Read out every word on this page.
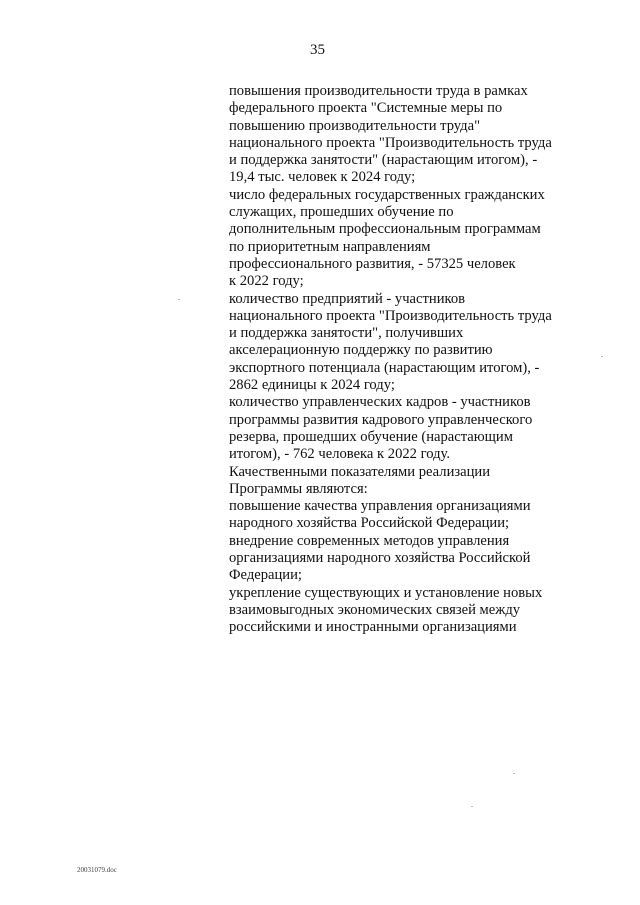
35
повышения производительности труда в рамках
федерального проекта "Системные меры по
повышению производительности труда"
национального проекта "Производительность труда
и поддержка занятости" (нарастающим итогом), -
19,4 тыс. человек к 2024 году;
число федеральных государственных гражданских
служащих, прошедших обучение по
дополнительным профессиональным программам
по приоритетным направлениям
профессионального развития, - 57325 человек
к 2022 году;
количество предприятий - участников
национального проекта "Производительность труда
и поддержка занятости", получивших
акселерационную поддержку по развитию
экспортного потенциала (нарастающим итогом), -
2862 единицы к 2024 году;
количество управленческих кадров - участников
программы развития кадрового управленческого
резерва, прошедших обучение (нарастающим
итогом), - 762 человека к 2022 году.
Качественными показателями реализации
Программы являются:
повышение качества управления организациями
народного хозяйства Российской Федерации;
внедрение современных методов управления
организациями народного хозяйства Российской
Федерации;
укрепление существующих и установление новых
взаимовыгодных экономических связей между
российскими и иностранными организациями
20031079.doc
